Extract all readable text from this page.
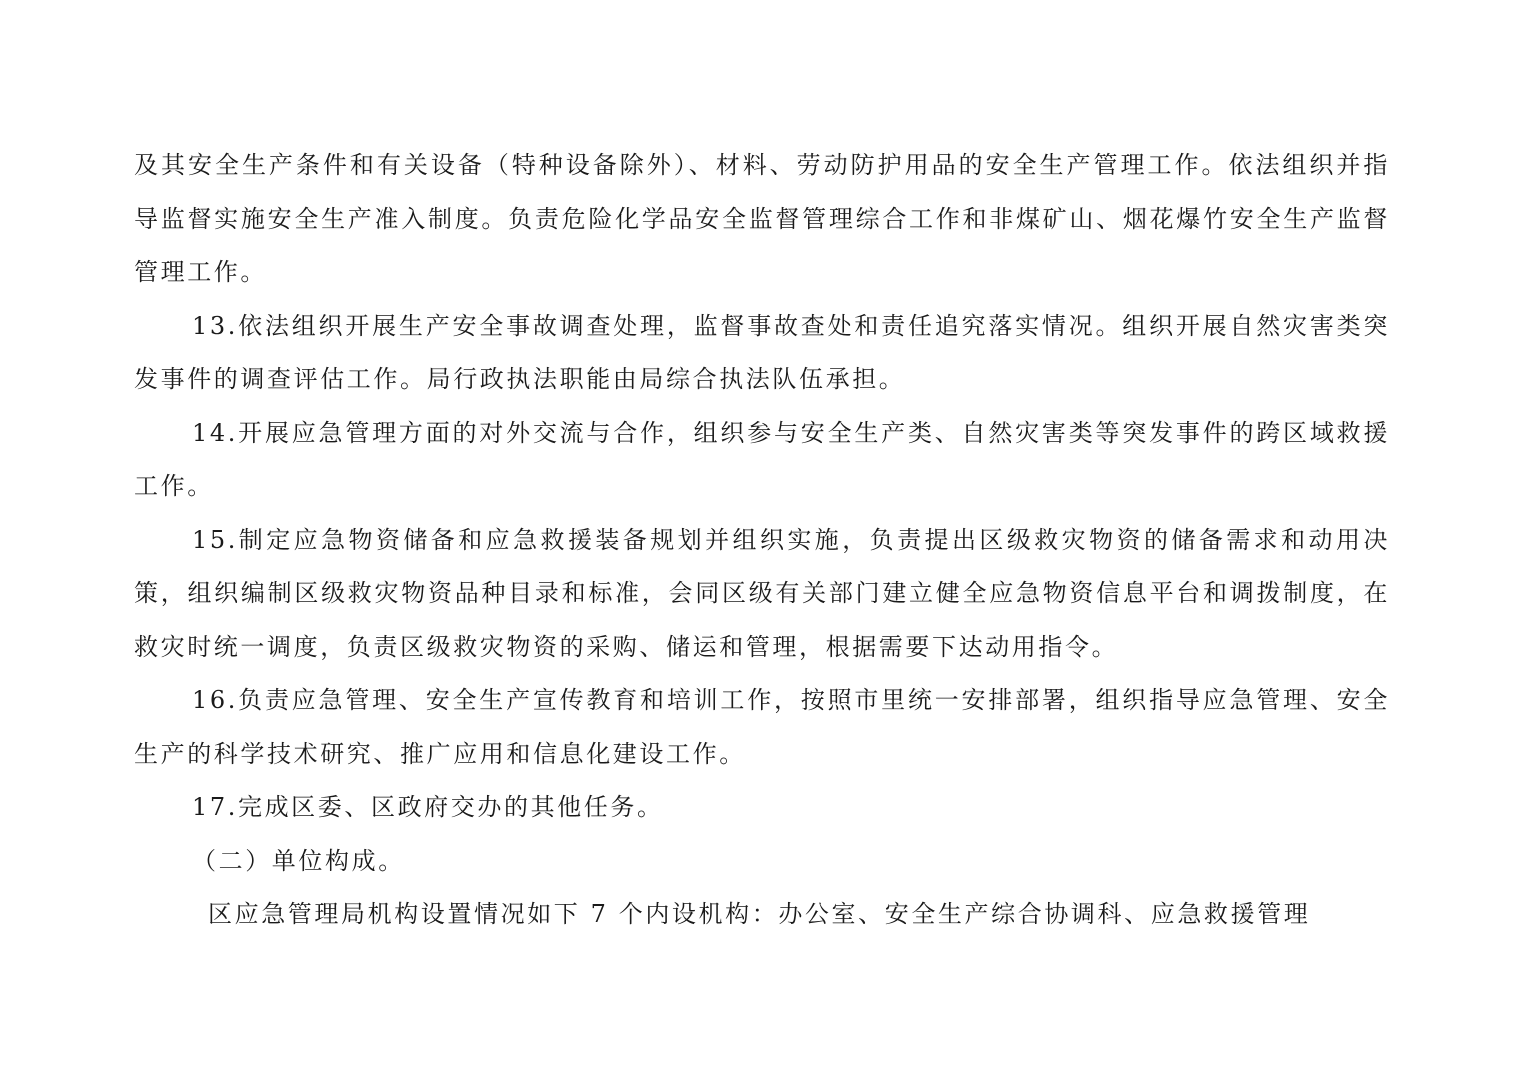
及其安全生产条件和有关设备（特种设备除外）、材料、劳动防护用品的安全生产管理工作。依法组织并指导监督实施安全生产准入制度。负责危险化学品安全监督管理综合工作和非煤矿山、烟花爆竹安全生产监督管理工作。

13.依法组织开展生产安全事故调查处理，监督事故查处和责任追究落实情况。组织开展自然灾害类突发事件的调查评估工作。局行政执法职能由局综合执法队伍承担。

14.开展应急管理方面的对外交流与合作，组织参与安全生产类、自然灾害类等突发事件的跨区域救援工作。

15.制定应急物资储备和应急救援装备规划并组织实施，负责提出区级救灾物资的储备需求和动用决策，组织编制区级救灾物资品种目录和标准，会同区级有关部门建立健全应急物资信息平台和调拨制度，在救灾时统一调度，负责区级救灾物资的采购、储运和管理，根据需要下达动用指令。

16.负责应急管理、安全生产宣传教育和培训工作，按照市里统一安排部署，组织指导应急管理、安全生产的科学技术研究、推广应用和信息化建设工作。

17.完成区委、区政府交办的其他任务。

（二）单位构成。

区应急管理局机构设置情况如下 7 个内设机构：办公室、安全生产综合协调科、应急救援管理
